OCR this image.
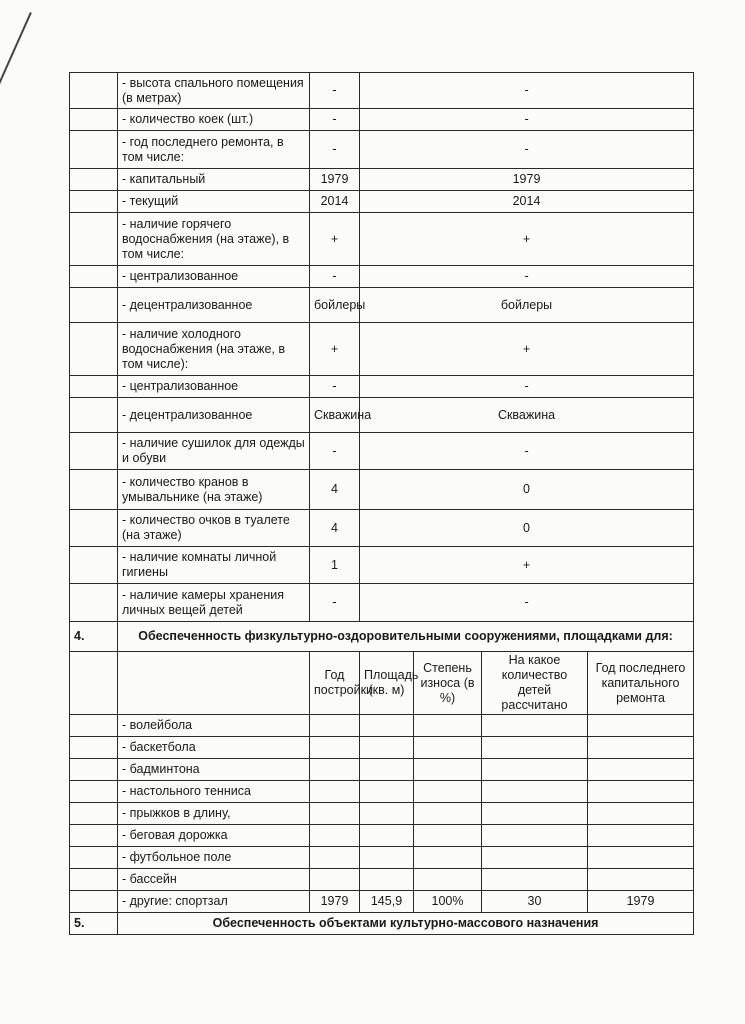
	- высота спального помещения (в метрах)	-	-			
	- количество коек (шт.)	-	-			
	- год последнего ремонта, в том числе:	-	-			
	- капитальный	1979	1979			
	- текущий	2014	2014			
	- наличие горячего водоснабжения (на этаже), в том числе:	+	+			
	- централизованное	-	-			
	- децентрализованное	бойлеры	бойлеры			
	- наличие холодного водоснабжения (на этаже, в том числе):	+	+			
	- централизованное	-	-			
	- децентрализованное	Скважина	Скважина			
	- наличие сушилок для одежды и обуви	-	-			
	- количество кранов в умывальнике (на этаже)	4	0			
	- количество очков в туалете (на этаже)	4	0			
	- наличие комнаты личной гигиены	1	+			
	- наличие камеры хранения личных вещей детей	-	-			
4.	Обеспеченность физкультурно-оздоровительными сооружениями, площадками для:					
		Год постройки	Площадь (кв. м)	Степень износа (в %)	На какое количество детей рассчитано	Год последнего капитального ремонта
	- волейбола					
	- баскетбола					
	- бадминтона					
	- настольного тенниса					
	- прыжков в длину,					
	- беговая дорожка					
	- футбольное поле					
	- бассейн					
	- другие: спортзал	1979	145,9	100%	30	1979
5.	Обеспеченность объектами культурно-массового назначения					
